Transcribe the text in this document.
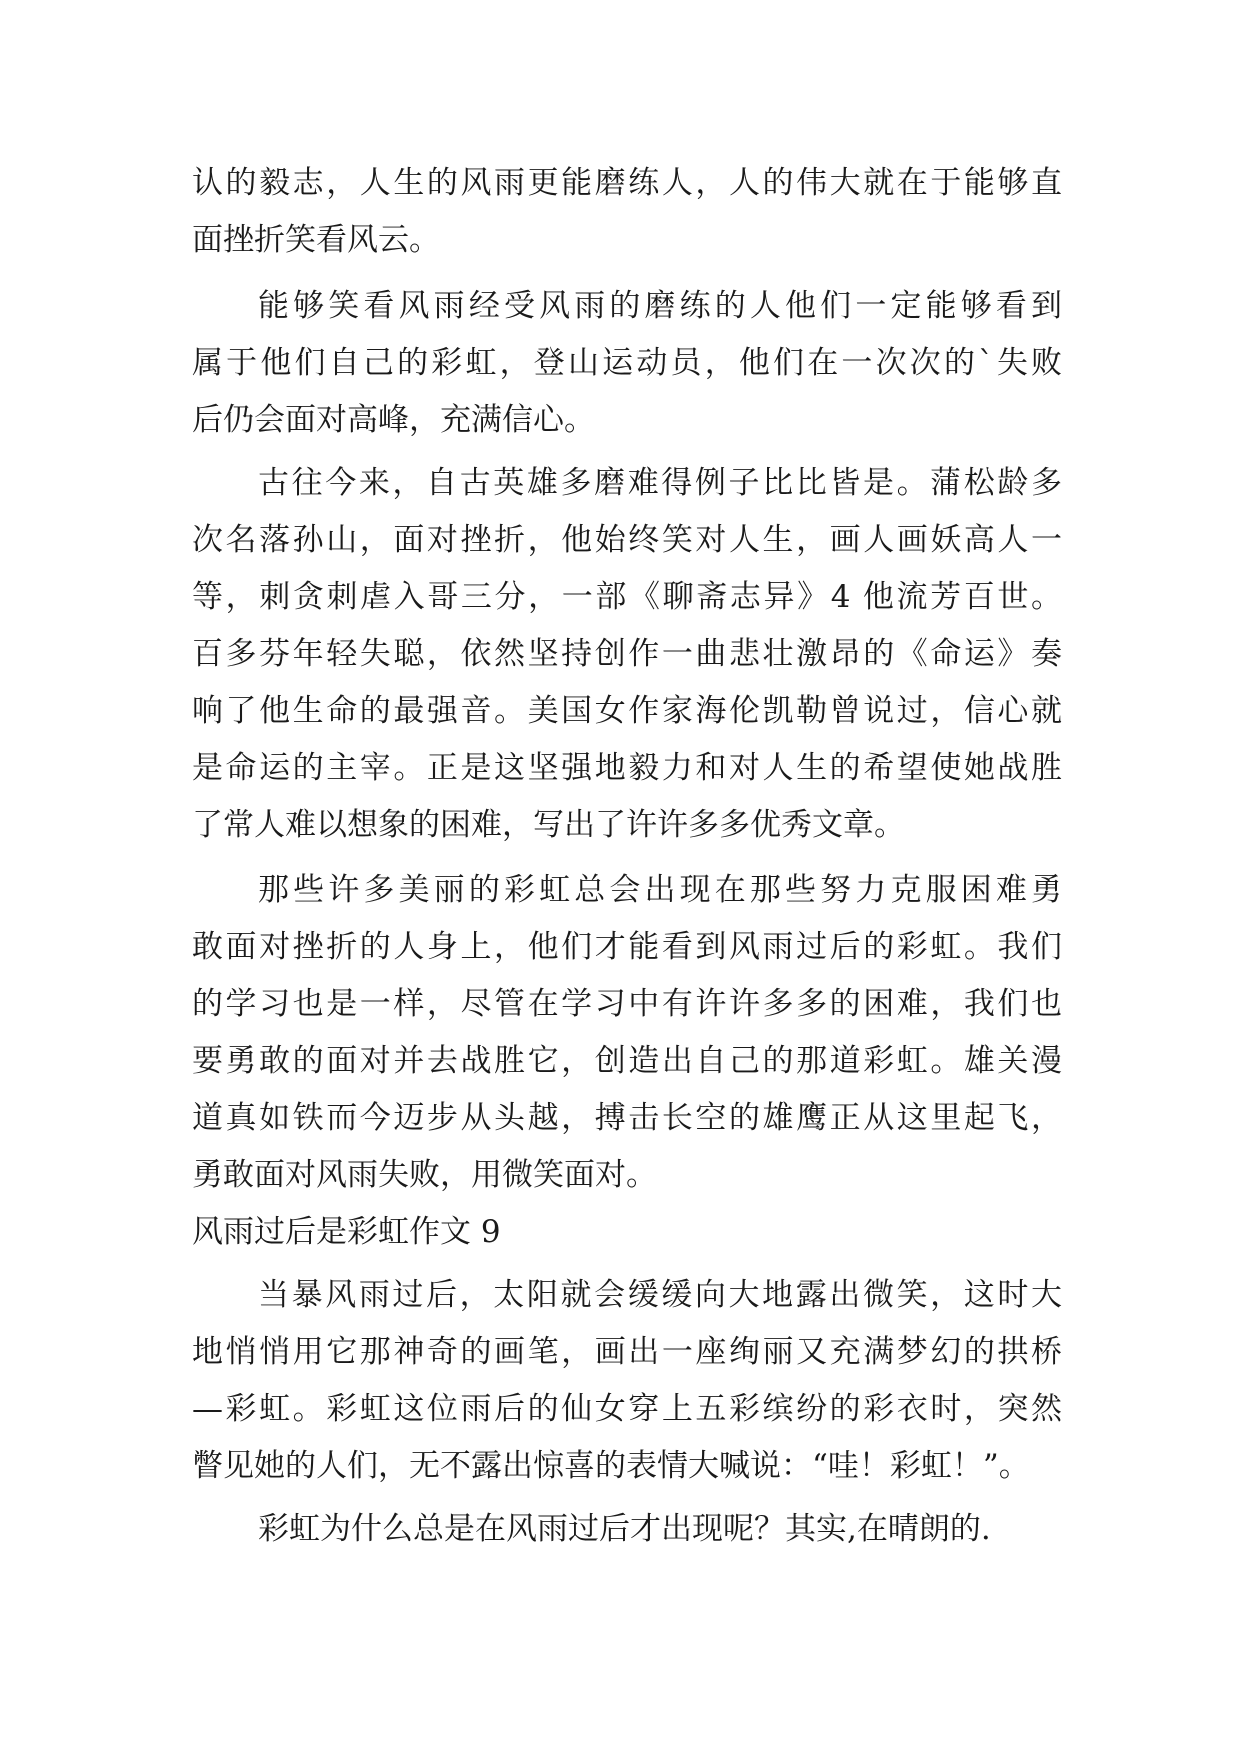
认的毅志，人生的风雨更能磨练人，人的伟大就在于能够直
面挫折笑看风云。
能够笑看风雨经受风雨的磨练的人他们一定能够看到
属于他们自己的彩虹，登山运动员，他们在一次次的`失败
后仍会面对高峰，充满信心。
古往今来，自古英雄多磨难得例子比比皆是。蒲松龄多
次名落孙山，面对挫折，他始终笑对人生，画人画妖高人一
等，刺贪刺虐入哥三分，一部《聊斋志异》4 他流芳百世。
百多芬年轻失聪，依然坚持创作一曲悲壮激昂的《命运》奏
响了他生命的最强音。美国女作家海伦凯勒曾说过，信心就
是命运的主宰。正是这坚强地毅力和对人生的希望使她战胜
了常人难以想象的困难，写出了许许多多优秀文章。
那些许多美丽的彩虹总会出现在那些努力克服困难勇
敢面对挫折的人身上，他们才能看到风雨过后的彩虹。我们
的学习也是一样，尽管在学习中有许许多多的困难，我们也
要勇敢的面对并去战胜它，创造出自己的那道彩虹。雄关漫
道真如铁而今迈步从头越，搏击长空的雄鹰正从这里起飞，
勇敢面对风雨失败，用微笑面对。
风雨过后是彩虹作文 9
当暴风雨过后，太阳就会缓缓向大地露出微笑，这时大
地悄悄用它那神奇的画笔，画出一座绚丽又充满梦幻的拱桥
—彩虹。彩虹这位雨后的仙女穿上五彩缤纷的彩衣时，突然
瞥见她的人们，无不露出惊喜的表情大喊说：“哇！彩虹！”。
彩虹为什么总是在风雨过后才出现呢？其实,在晴朗的.
